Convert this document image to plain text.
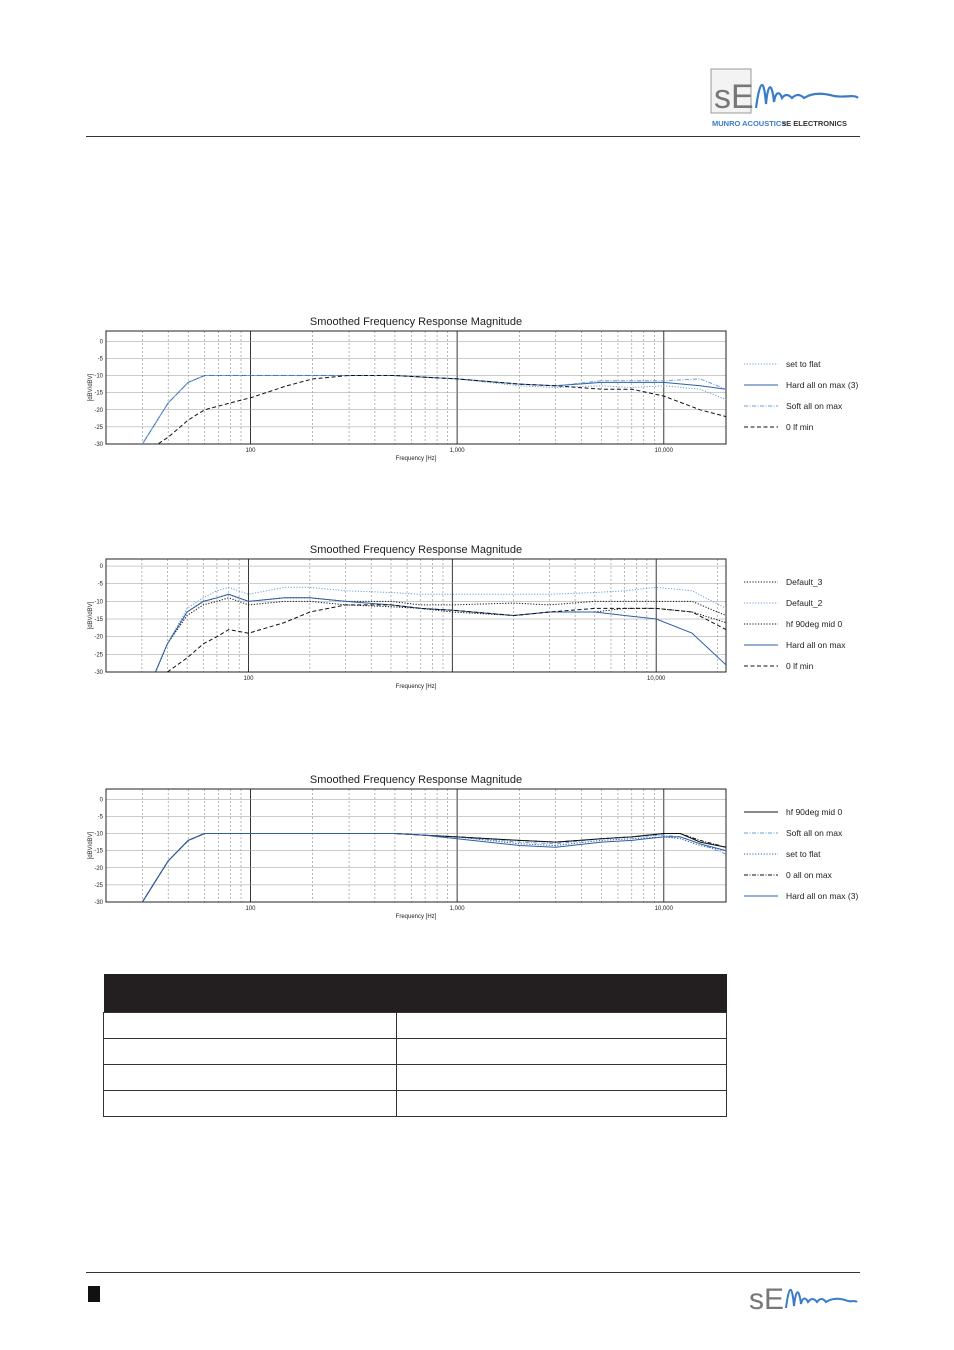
sE	Munro
MUNRO ACOUSTICS
sE ELECTRONICS
Smoothed Frequency Response Magnitude
0
-5
-10
-15
-20
-25
-30
100	1,000	10,000
Frequency [Hz]
[dBV/dBV]
set to flat
Hard all on max (3)
Soft all on max
0 lf min
Smoothed Frequency Response Magnitude
0
-5
-10
-15
-20
-25
-30
100	10,000
Frequency [Hz]
[dBV/dBV]
Default_3
Default_2
hf 90deg mid 0
Hard all on max
0 lf min
Smoothed Frequency Response Magnitude
0
-5
-10
-15
-20
-25
-30
100	1,000	10,000
Frequency [Hz]
[dBV/dBV]
hf 90deg mid 0
Soft all on max
set to flat
0 all on max
Hard all on max (3)

sE	Munro
